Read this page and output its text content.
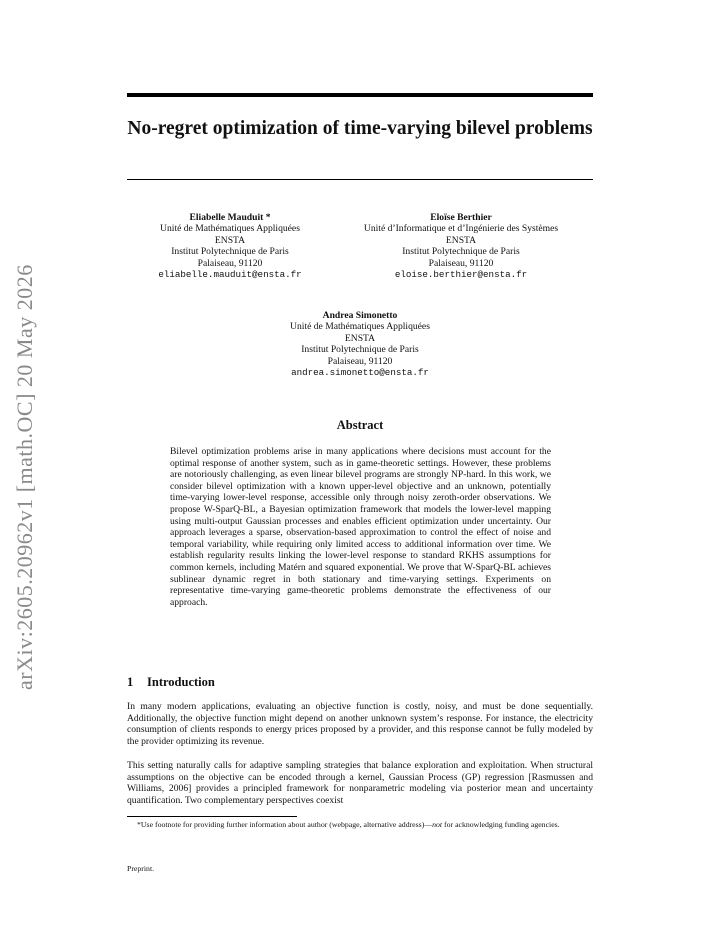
arXiv:2605.20962v1 [math.OC] 20 May 2026
No-regret optimization of time-varying bilevel problems
Eliabelle Mauduit *
Unité de Mathématiques Appliquées
ENSTA
Institut Polytechnique de Paris
Palaiseau, 91120
eliabelle.mauduit@ensta.fr
Eloïse Berthier
Unité d’Informatique et d’Ingénierie des Systèmes
ENSTA
Institut Polytechnique de Paris
Palaiseau, 91120
eloise.berthier@ensta.fr
Andrea Simonetto
Unité de Mathématiques Appliquées
ENSTA
Institut Polytechnique de Paris
Palaiseau, 91120
andrea.simonetto@ensta.fr
Abstract
Bilevel optimization problems arise in many applications where decisions must account for the optimal response of another system, such as in game-theoretic settings. However, these problems are notoriously challenging, as even linear bilevel programs are strongly NP-hard. In this work, we consider bilevel optimization with a known upper-level objective and an unknown, potentially time-varying lower-level response, accessible only through noisy zeroth-order observations. We propose W-SparQ-BL, a Bayesian optimization framework that models the lower-level mapping using multi-output Gaussian processes and enables efficient optimization under uncertainty. Our approach leverages a sparse, observation-based approximation to control the effect of noise and temporal variability, while requiring only limited access to additional information over time. We establish regularity results linking the lower-level response to standard RKHS assumptions for common kernels, including Matérn and squared exponential. We prove that W-SparQ-BL achieves sublinear dynamic regret in both stationary and time-varying settings. Experiments on representative time-varying game-theoretic problems demonstrate the effectiveness of our approach.
1 Introduction
In many modern applications, evaluating an objective function is costly, noisy, and must be done sequentially. Additionally, the objective function might depend on another unknown system’s response. For instance, the electricity consumption of clients responds to energy prices proposed by a provider, and this response cannot be fully modeled by the provider optimizing its revenue.
This setting naturally calls for adaptive sampling strategies that balance exploration and exploitation. When structural assumptions on the objective can be encoded through a kernel, Gaussian Process (GP) regression [Rasmussen and Williams, 2006] provides a principled framework for nonparametric modeling via posterior mean and uncertainty quantification. Two complementary perspectives coexist
*Use footnote for providing further information about author (webpage, alternative address)—not for acknowledging funding agencies.
Preprint.
